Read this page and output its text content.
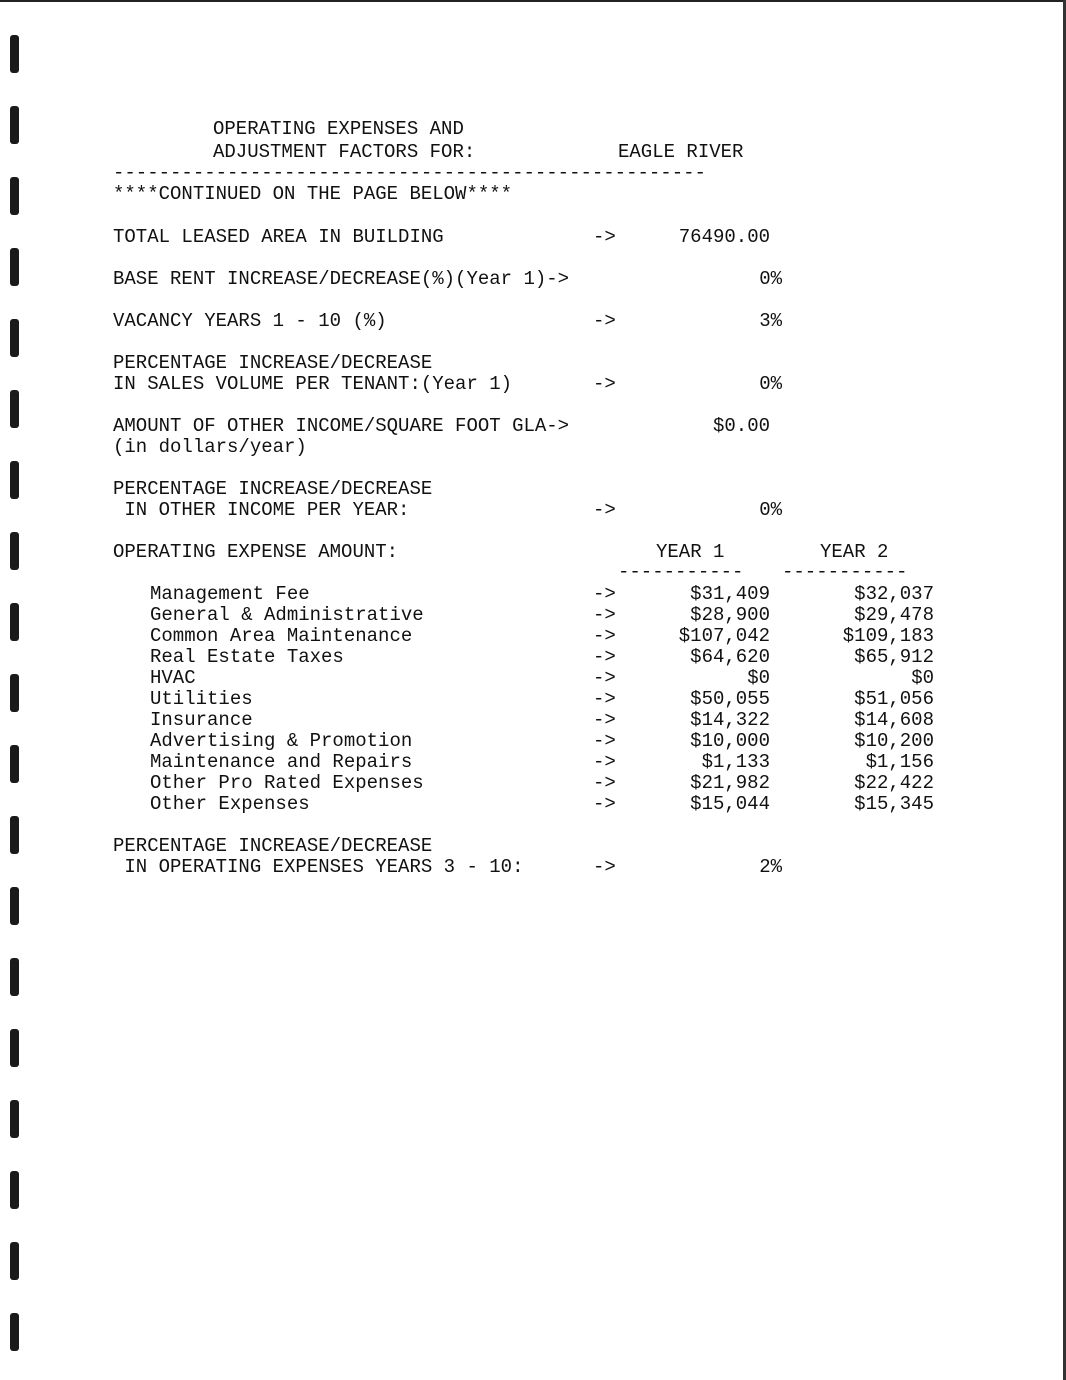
OPERATING EXPENSES AND
ADJUSTMENT FACTORS FOR:	EAGLE RIVER
----------------------------------------------------
****CONTINUED ON THE PAGE BELOW****
TOTAL LEASED AREA IN BUILDING	->	76490.00
BASE RENT INCREASE/DECREASE(%)(Year 1)->	0%
VACANCY YEARS 1 - 10 (%)	->	3%
PERCENTAGE INCREASE/DECREASE
IN SALES VOLUME PER TENANT:(Year 1)	->	0%
AMOUNT OF OTHER INCOME/SQUARE FOOT GLA->	$0.00
(in dollars/year)
PERCENTAGE INCREASE/DECREASE
IN OTHER INCOME PER YEAR:	->	0%
OPERATING EXPENSE AMOUNT:	YEAR 1	YEAR 2
----------- -----------
Management Fee	->	$31,409	$32,037
General & Administrative	->	$28,900	$29,478
Common Area Maintenance	->	$107,042	$109,183
Real Estate Taxes	->	$64,620	$65,912
HVAC	->	$0	$0
Utilities	->	$50,055	$51,056
Insurance	->	$14,322	$14,608
Advertising & Promotion	->	$10,000	$10,200
Maintenance and Repairs	->	$1,133	$1,156
Other Pro Rated Expenses	->	$21,982	$22,422
Other Expenses	->	$15,044	$15,345
PERCENTAGE INCREASE/DECREASE
IN OPERATING EXPENSES YEARS 3 - 10:	->	2%
